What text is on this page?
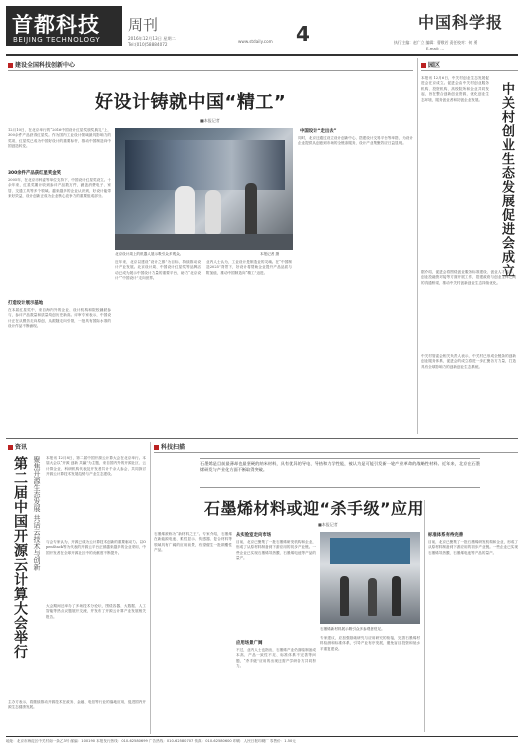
首都科技
BEIJING TECHNOLOGY
周刊
2016年12月13日 星期二
Tel:(010)58884072
www.stdaily.com 4	中国科学报
执行主编：赵广立 编辑：曹敬若 责任校对：何 勇
E-mail: ...
建设全国科技创新中心
好设计铸就中国“精工”
■本报记者
12月10日，在北京举行的“2016中国设计红星奖颁奖典礼”上，300余件产品获得红星奖。作为国内工业设计领域最具影响力的奖项，红星奖已成为中国好设计的重要标杆，推动中国制造向中国创造转变。
300余件产品获红星奖金奖
2005年，在北京市科委等单位支持下，中国设计红星奖设立。十余年来，红星奖累计收到参评产品数万件，涵盖消费电子、家居、交通工具等多个领域。越来越多的企业认识到，好设计能带来好效益，设计创新正成为企业核心竞争力的重要组成部分。
打造设计展示基地
在本届红星奖中，来自海内外的企业、设计机构和院校踊跃参与，参评产品数量和质量均创历史新高。评审专家表示，中国设计正在从模仿走向原创，从跟随走向引领，一批具有国际水准的设计作品不断涌现。
北京设计周上的机器人展示吸引众多观众。	本报记者 摄
近年来，北京以建设“设计之都”为目标，持续推动设计产业发展。北京设计周、中国设计红星奖等品牌活动已成为展示中国设计力量的重要平台，助力“北京设计”“中国设计”走向世界。
业内人士认为，工业设计是制造业的灵魂。在“中国制造2025”背景下，好设计将帮助企业提升产品品质与附加值，推动中国制造向“精工”迈进。
中国设计“走出去”
同时，北京还通过设立设计创新中心、搭建设计交易平台等举措，为设计企业提供从创意到市场的全链条服务，设计产业集聚效应日益显现。
园区
本报讯 12月6日，中关村创业生态发展促进会在京成立。促进会由中关村创业服务机构、投资机构、高校院所和企业共同发起，旨在整合创新创业资源，优化创业生态环境，服务创业者和初创企业发展。	中关村创业生态发展促进会成立
据介绍，促进会将围绕创业服务标准建设、创业人才培养、创业投融资对接等方面开展工作，搭建政府与创业主体之间的沟通桥梁，推动中关村创新创业生态持续优化。
中关村管委会相关负责人表示，中关村已形成全链条的创新创业服务体系，促进会的成立将进一步汇聚各方力量，打造具有全球影响力的创新创业生态系统。
资讯
第二届中国开源云计算大会举行 聚焦开源生态发展 共话云技术与创新 本报讯 12月8日，第二届中国开源云计算大会在北京举行。本届大会以“开源 创新 共赢”为主题，来自国内外的开源社区、云计算企业、科研机构代表及开发者共计千余人参会，共同探讨开源云计算技术发展趋势与产业生态建设。
与会专家认为，开源已成为云计算技术创新的重要驱动力。以OpenStack等为代表的开源云平台正被越来越多的企业采用，中国开发者在全球开源社区中的贡献度不断提升。
大会期间还举办了多场技术分论坛，围绕容器、大数据、人工智能等热点议题展开交流，并发布了开源云计算产业发展相关报告。
主办方表示，将继续推动开源技术在政务、金融、电信等行业的落地应用，促进国内开源生态健康发展。
科技扫描
石墨烯是目前最薄却也最坚硬的纳米材料，具有优异的导电、导热和力学性能，被认为是可能引发新一轮产业革命的战略性材料。近年来，北京在石墨烯研发与产业化方面不断取得突破。
石墨烯材料或迎“杀手级”应用
■本报记者
石墨烯被称为“新材料之王”。专家介绍，石墨烯在新能源电池、柔性显示、传感器、复合材料等领域具有广阔的应用前景，有望催生一批颠覆性产品。
从实验室走向市场
目前，北京已聚集了一批石墨烯研发机构和企业，形成了从原材料制备到下游应用的初步产业链。一些企业已实现石墨烯导热膜、石墨烯电池等产品的量产。
石墨烯新材料展示吸引众多参观者驻足。
应用场景广阔
不过，业内人士也指出，石墨烯产业仍面临制备成本高、产品一致性不足、标准体系不完善等问题，“杀手级”应用的出现还需产学研各方共同努力。
专家建议，应加强基础研究与应用研究的衔接，完善石墨烯材料检测和标准体系，引导产业有序发展，避免盲目投资和低水平重复建设。
标准体系有待完善
目前，北京已聚集了一批石墨烯研发机构和企业，形成了从原材料制备到下游应用的初步产业链。一些企业已实现石墨烯导热膜、石墨烯电池等产品的量产。
地址：北京市海淀区中关村南一条乙3号 邮编：100190 本报发行热线：010-62580699 广告热线：010-62580707 传真：010-62580600 印刷：人民日报印刷厂 零售价：1.50元
